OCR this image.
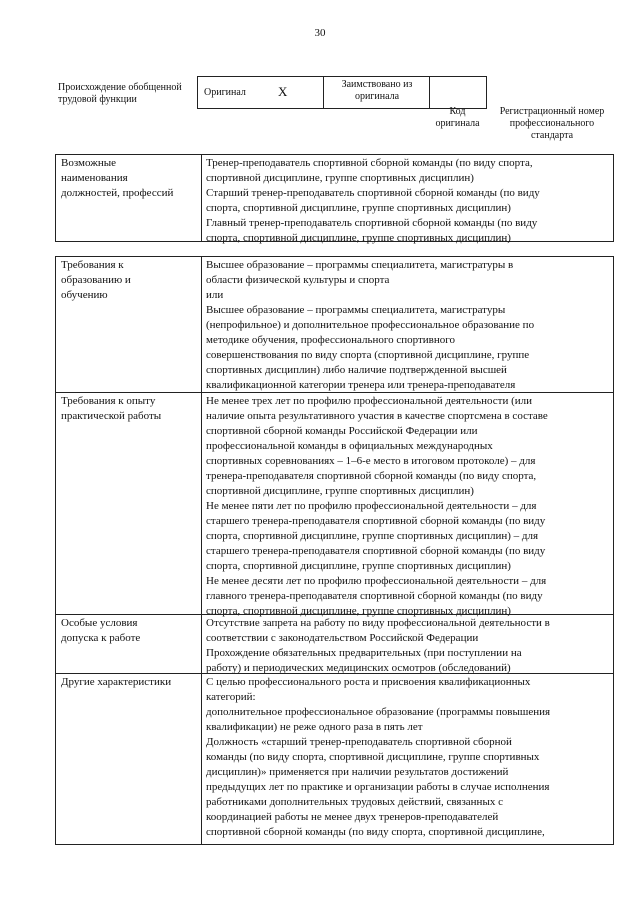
30
Происхождение обобщенной трудовой функции
Оригинал X	Заимствовано из оригинала
Код оригинала
Регистрационный номер профессионального стандарта
Возможные
наименования
должностей, профессий
Тренер-преподаватель спортивной сборной команды (по виду спорта,
спортивной дисциплине, группе спортивных дисциплин)
Старший тренер-преподаватель спортивной сборной команды (по виду
спорта, спортивной дисциплине, группе спортивных дисциплин)
Главный тренер-преподаватель спортивной сборной команды (по виду
спорта, спортивной дисциплине, группе спортивных дисциплин)
Требования к
образованию и
обучению
Высшее образование – программы специалитета, магистратуры в
области физической культуры и спорта
или
Высшее образование – программы специалитета, магистратуры
(непрофильное) и дополнительное профессиональное образование по
методике обучения, профессионального спортивного
совершенствования по виду спорта (спортивной дисциплине, группе
спортивных дисциплин) либо наличие подтвержденной высшей
квалификационной категории тренера или тренера-преподавателя
Требования к опыту
практической работы
Не менее трех лет по профилю профессиональной деятельности (или
наличие опыта результативного участия в качестве спортсмена в составе
спортивной сборной команды Российской Федерации или
профессиональной команды в официальных международных
спортивных соревнованиях – 1–6-е место в итоговом протоколе) – для
тренера-преподавателя спортивной сборной команды (по виду спорта,
спортивной дисциплине, группе спортивных дисциплин)
Не менее пяти лет по профилю профессиональной деятельности – для
старшего тренера-преподавателя спортивной сборной команды (по виду
спорта, спортивной дисциплине, группе спортивных дисциплин) – для
старшего тренера-преподавателя спортивной сборной команды (по виду
спорта, спортивной дисциплине, группе спортивных дисциплин)
Не менее десяти лет по профилю профессиональной деятельности – для
главного тренера-преподавателя спортивной сборной команды (по виду
спорта, спортивной дисциплине, группе спортивных дисциплин)
Особые условия
допуска к работе
Отсутствие запрета на работу по виду профессиональной деятельности в
соответствии с законодательством Российской Федерации
Прохождение обязательных предварительных (при поступлении на
работу) и периодических медицинских осмотров (обследований)
Другие характеристики	С целью профессионального роста и присвоения квалификационных
категорий:
дополнительное профессиональное образование (программы повышения
квалификации) не реже одного раза в пять лет
Должность «старший тренер-преподаватель спортивной сборной
команды (по виду спорта, спортивной дисциплине, группе спортивных
дисциплин)» применяется при наличии результатов достижений
предыдущих лет по практике и организации работы в случае исполнения
работниками дополнительных трудовых действий, связанных с
координацией работы не менее двух тренеров-преподавателей
спортивной сборной команды (по виду спорта, спортивной дисциплине,
